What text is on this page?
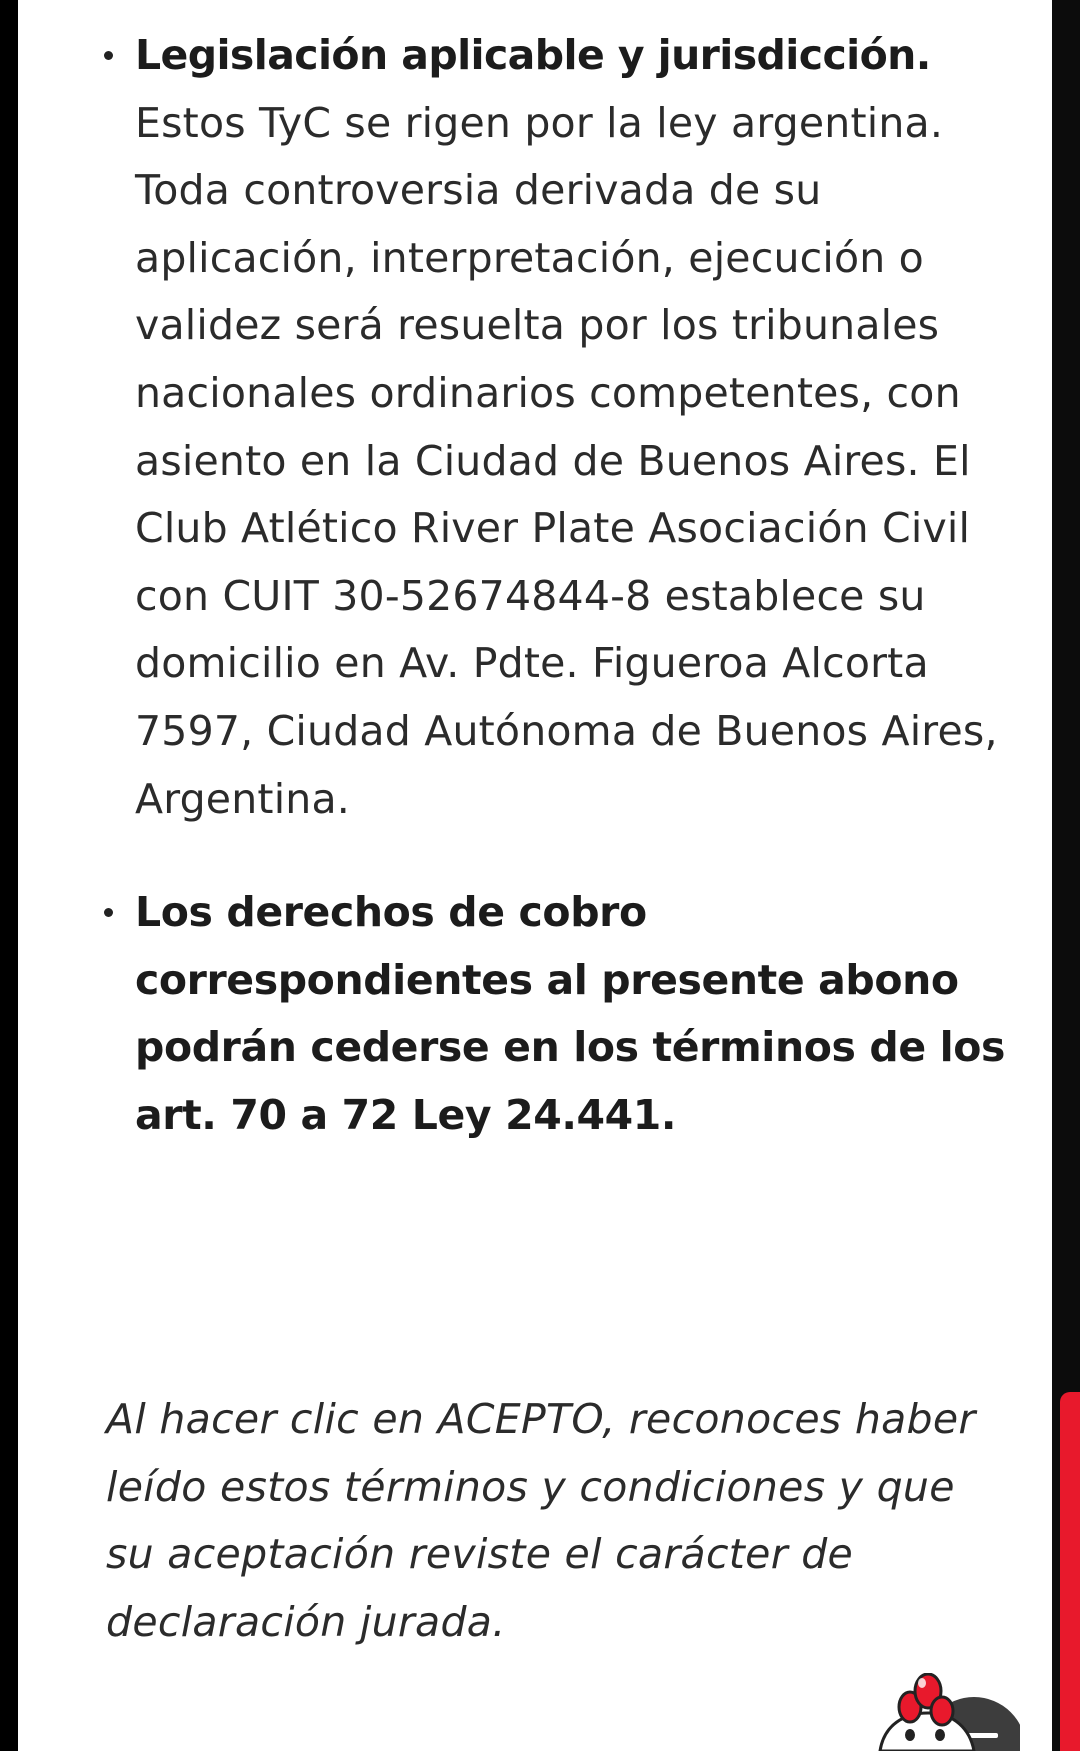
Legislación aplicable y jurisdicción.
Estos TyC se rigen por la ley argentina. Toda controversia derivada de su aplicación, interpretación, ejecución o validez será resuelta por los tribunales nacionales ordinarios competentes, con asiento en la Ciudad de Buenos Aires. El Club Atlético River Plate Asociación Civil con CUIT 30-52674844-8 establece su domicilio en Av. Pdte. Figueroa Alcorta 7597, Ciudad Autónoma de Buenos Aires, Argentina.
Los derechos de cobro correspondientes al presente abono podrán cederse en los términos de los art. 70 a 72 Ley 24.441.

Al hacer clic en ACEPTO, reconoces haber leído estos términos y condiciones y que su aceptación reviste el carácter de declaración jurada.
